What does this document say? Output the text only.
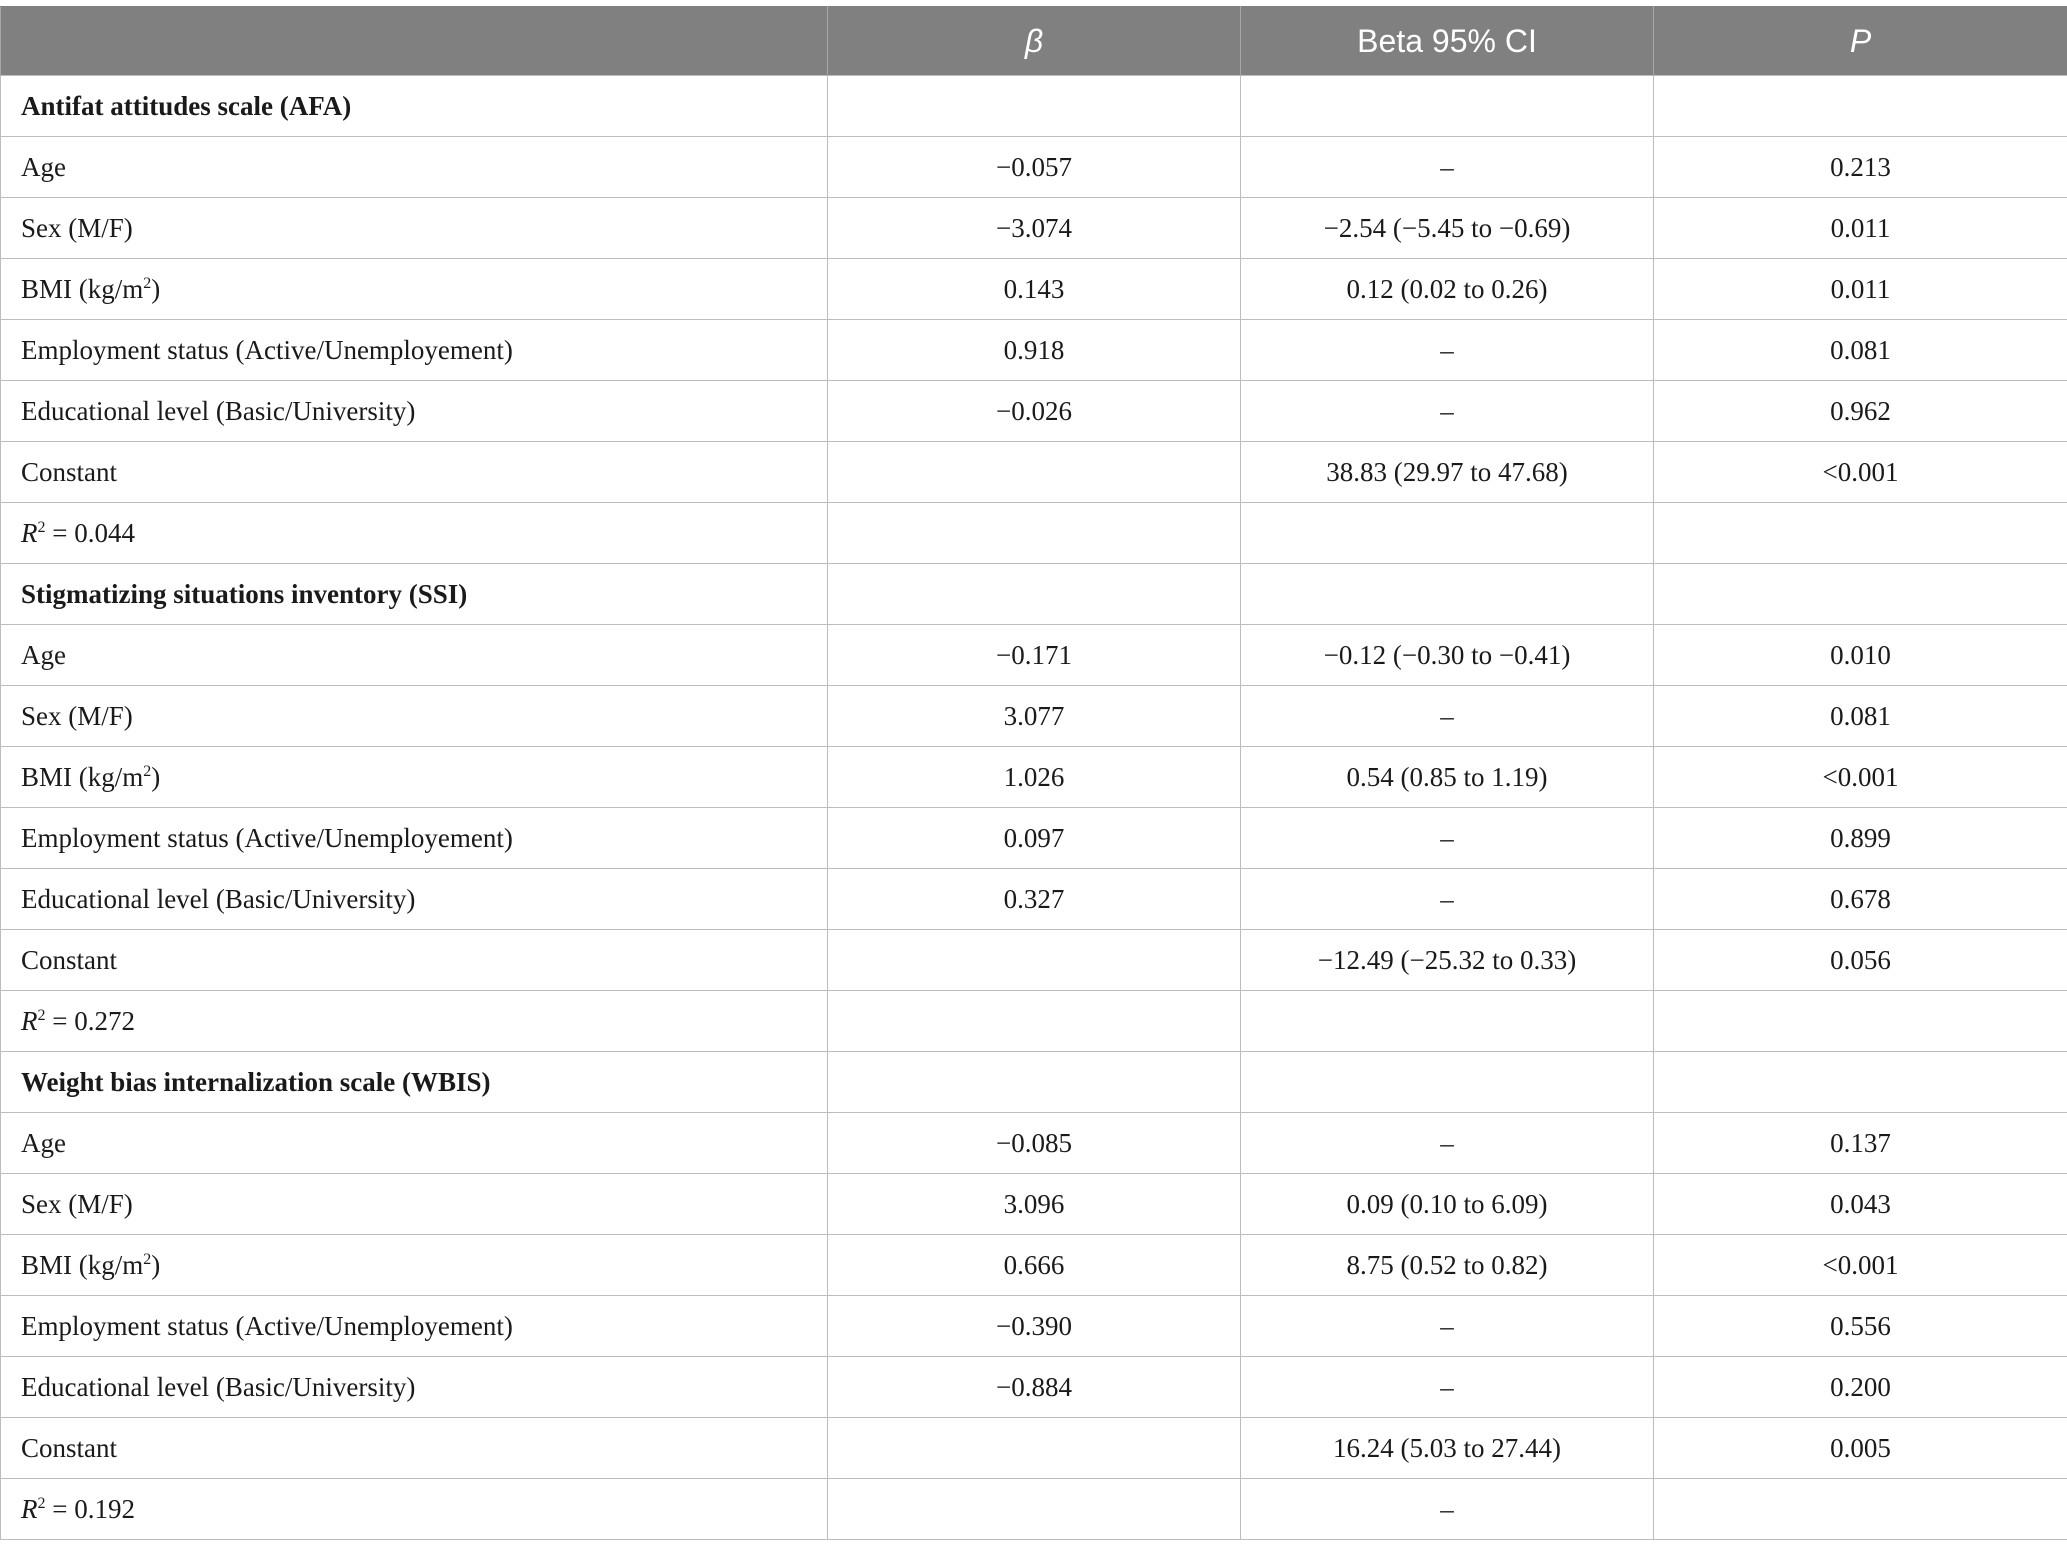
	β	Beta 95% CI	P
Antifat attitudes scale (AFA)			
Age	−0.057	–	0.213
Sex (M/F)	−3.074	−2.54 (−5.45 to −0.69)	0.011
BMI $(kg/m^2)$	0.143	0.12 (0.02 to 0.26)	0.011
Employment status (Active/Unemployement)	0.918	–	0.081
Educational level (Basic/University)	−0.026	–	0.962
Constant		38.83 (29.97 to 47.68)	<0.001
$R^2 = 0.044$			
Stigmatizing situations inventory (SSI)			
Age	−0.171	−0.12 (−0.30 to −0.41)	0.010
Sex (M/F)	3.077	–	0.081
BMI $(kg/m^2)$	1.026	0.54 (0.85 to 1.19)	<0.001
Employment status (Active/Unemployement)	0.097	–	0.899
Educational level (Basic/University)	0.327	–	0.678
Constant		−12.49 (−25.32 to 0.33)	0.056
$R^2 = 0.272$			
Weight bias internalization scale (WBIS)			
Age	−0.085	–	0.137
Sex (M/F)	3.096	0.09 (0.10 to 6.09)	0.043
BMI $(kg/m^2)$	0.666	8.75 (0.52 to 0.82)	<0.001
Employment status (Active/Unemployement)	−0.390	–	0.556
Educational level (Basic/University)	−0.884	–	0.200
Constant		16.24 (5.03 to 27.44)	0.005
$R^2 = 0.192$		–	
